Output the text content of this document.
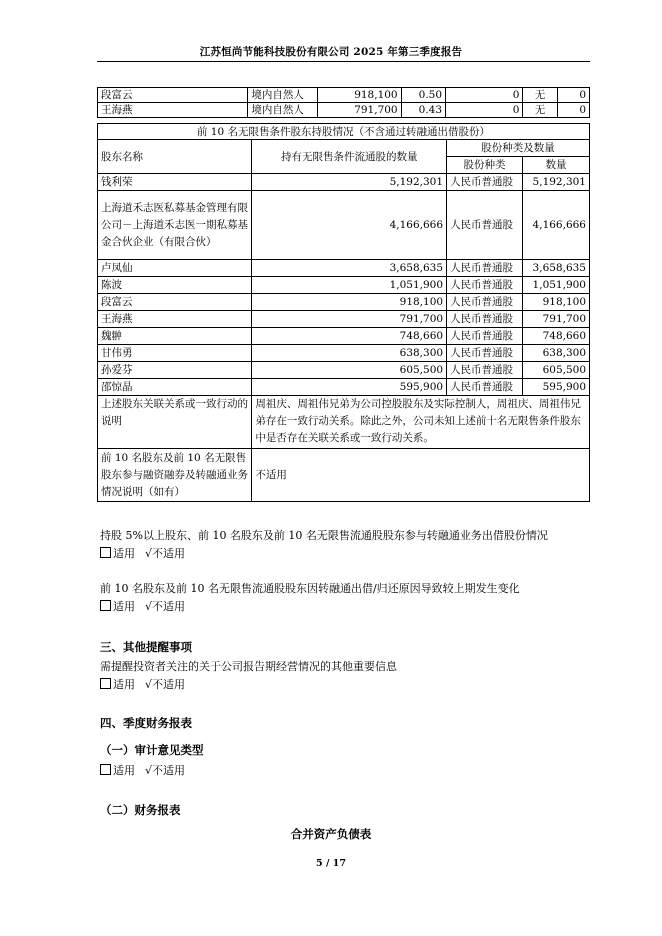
江苏恒尚节能科技股份有限公司 2025 年第三季度报告
段富云	境内自然人	918,100	0.50	0	无	0
王海燕	境内自然人	791,700	0.43	0	无	0
前 10 名无限售条件股东持股情况（不含通过转融通出借股份）			
股东名称	持有无限售条件流通股的数量	股份种类及数量	
		股份种类	数量
钱利荣	5,192,301	人民币普通股	5,192,301
上海道禾志医私募基金管理有限公司－上海道禾志医一期私募基金合伙企业（有限合伙）	4,166,666	人民币普通股	4,166,666
卢凤仙	3,658,635	人民币普通股	3,658,635
陈波	1,051,900	人民币普通股	1,051,900
段富云	918,100	人民币普通股	918,100
王海燕	791,700	人民币普通股	791,700
魏翀	748,660	人民币普通股	748,660
甘伟勇	638,300	人民币普通股	638,300
孙爱芬	605,500	人民币普通股	605,500
邵惊晶	595,900	人民币普通股	595,900
上述股东关联关系或一致行动的说明	周祖庆、周祖伟兄弟为公司控股股东及实际控制人，周祖庆、周祖伟兄弟存在一致行动关系。除此之外，公司未知上述前十名无限售条件股东中是否存在关联关系或一致行动关系。		
前 10 名股东及前 10 名无限售股东参与融资融券及转融通业务情况说明（如有）	不适用		
持股 5%以上股东、前 10 名股东及前 10 名无限售流通股股东参与转融通业务出借股份情况
适用 √不适用
前 10 名股东及前 10 名无限售流通股股东因转融通出借/归还原因导致较上期发生变化
适用 √不适用
三、其他提醒事项
需提醒投资者关注的关于公司报告期经营情况的其他重要信息
适用 √不适用
四、季度财务报表
（一）审计意见类型
适用 √不适用
（二）财务报表
合并资产负债表
5 / 17
